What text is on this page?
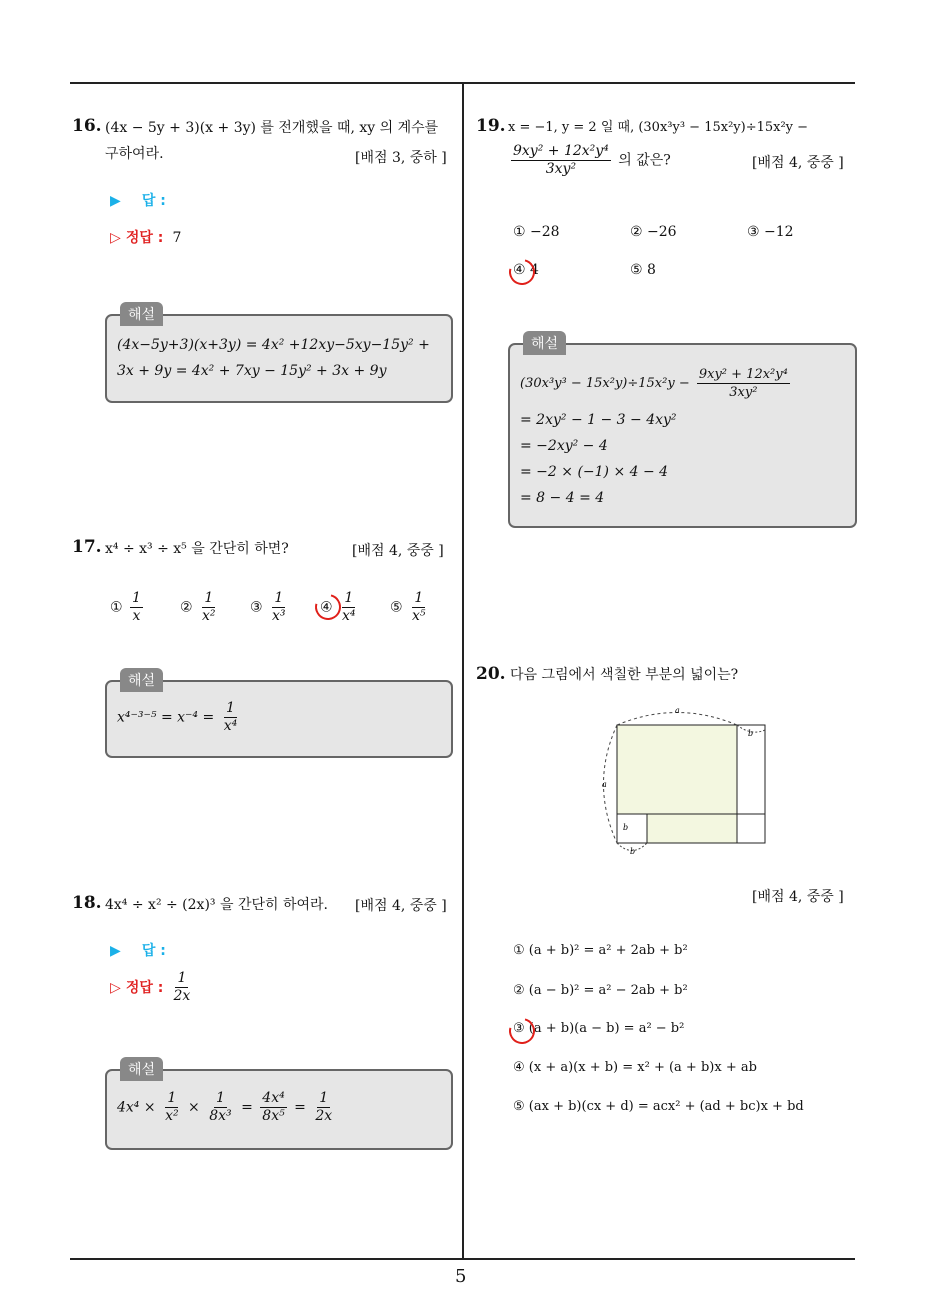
5
16. (4x − 5y + 3)(x + 3y) 를 전개했을 때, xy 의 계수를
구하여라.	[배점 3, 중하 ]
▶ 답 :
▷ 정답 : 7
해설
(4x−5y+3)(x+3y) = 4x² +12xy−5xy−15y² +
3x + 9y = 4x² + 7xy − 15y² + 3x + 9y
17. x⁴ ÷ x³ ÷ x⁵ 을 간단히 하면?	[배점 4, 중중 ]
① $\frac{1}{x}$	② $\frac{1}{\text{x²}}$ ③ $\frac{1}{\text{x³}}$ ④ $\frac{1}{\text{x⁴}}$ ⑤ $\frac{1}{\text{x⁵}}$
해설
$x^{4-3-5} = x^{-4} = \frac{1}{\text{x⁴}}$
18. 4x⁴ ÷ x² ÷ (2x)³ 을 간단히 하여라. [배점 4, 중중 ]
▶ 답 :
▷ 정답 : $\frac{1}{2x}$
해설
$4x^4 \times \frac{1}{\text{x²}} \times \frac{1}{\text{8x³}} = \frac{\text{4x⁴}}{\text{8x⁵}} = \frac{1}{2x}$
19. x = −1, y = 2 일 때, (30x³y³ − 15x²y)÷15x²y −
$\frac{\text{9xy² + 12x²y⁴}}{\text{3xy²}}$ 의 값은?	[배점 4, 중중 ]
① −28	② −26	③ −12
④ 4	⑤ 8
해설
$(30x^3y^3 - 15x^2y)\div 15x^2y - \frac{\text{9xy² + 12x²y⁴}}{\text{3xy²}}$
= 2xy² − 1 − 3 − 4xy²
= −2xy² − 4
= −2 × (−1) × 4 − 4
= 8 − 4 = 4
20. 다음 그림에서 색칠한 부분의 넓이는?
a
a
b
b
b
[배점 4, 중중 ]
① (a + b)² = a² + 2ab + b²
② (a − b)² = a² − 2ab + b²
③ (a + b)(a − b) = a² − b²
④ (x + a)(x + b) = x² + (a + b)x + ab
⑤ (ax + b)(cx + d) = acx² + (ad + bc)x + bd
